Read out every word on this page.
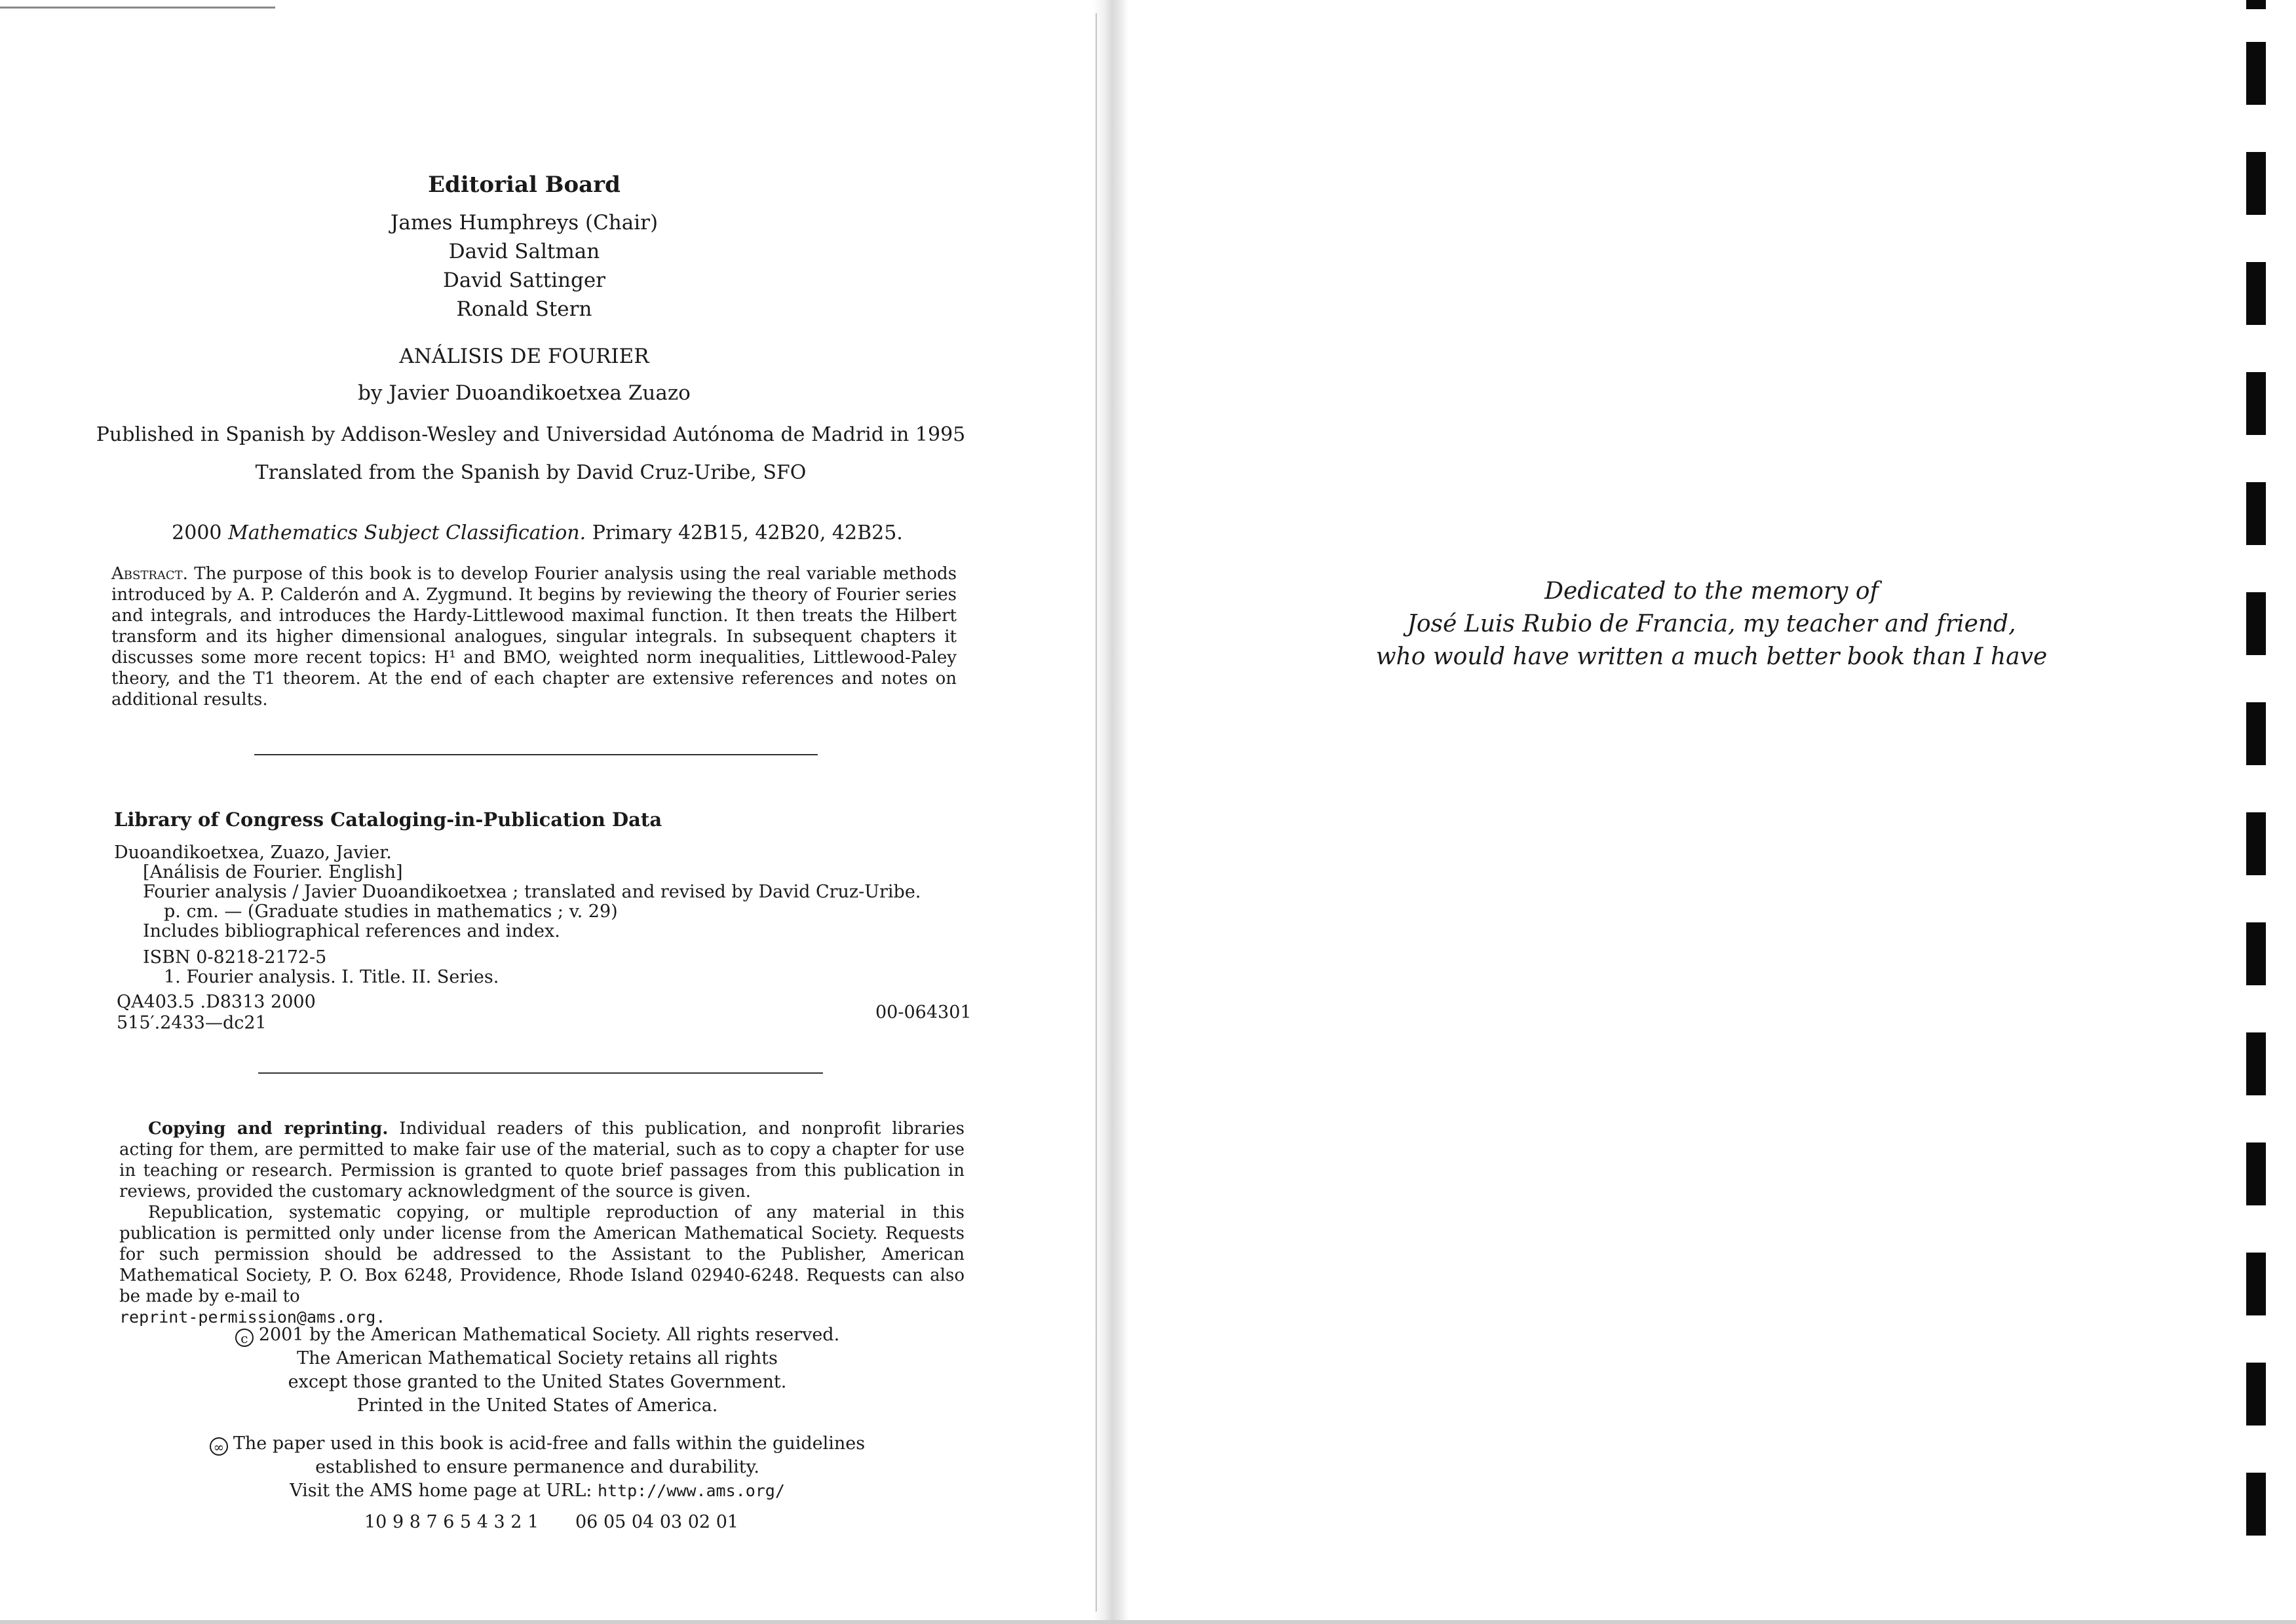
Editorial Board
James Humphreys (Chair)
David Saltman
David Sattinger
Ronald Stern
ANÁLISIS DE FOURIER
by Javier Duoandikoetxea Zuazo
Published in Spanish by Addison-Wesley and Universidad Autónoma de Madrid in 1995
Translated from the Spanish by David Cruz-Uribe, SFO
2000 Mathematics Subject Classification. Primary 42B15, 42B20, 42B25.
Abstract. The purpose of this book is to develop Fourier analysis using the real variable methods introduced by A. P. Calderón and A. Zygmund. It begins by reviewing the theory of Fourier series and integrals, and introduces the Hardy-Littlewood maximal function. It then treats the Hilbert transform and its higher dimensional analogues, singular integrals. In subsequent chapters it discusses some more recent topics: H¹ and BMO, weighted norm inequalities, Littlewood-Paley theory, and the T1 theorem. At the end of each chapter are extensive references and notes on additional results.
Library of Congress Cataloging-in-Publication Data
Duoandikoetxea, Zuazo, Javier.
[Análisis de Fourier. English]
Fourier analysis / Javier Duoandikoetxea ; translated and revised by David Cruz-Uribe.
p. cm. — (Graduate studies in mathematics ; v. 29)
Includes bibliographical references and index.
ISBN 0-8218-2172-5
1. Fourier analysis. I. Title. II. Series.
QA403.5 .D8313 2000
515′.2433—dc21
00-064301

Copying and reprinting. Individual readers of this publication, and nonprofit libraries acting for them, are permitted to make fair use of the material, such as to copy a chapter for use in teaching or research. Permission is granted to quote brief passages from this publication in reviews, provided the customary acknowledgment of the source is given.

Republication, systematic copying, or multiple reproduction of any material in this publication is permitted only under license from the American Mathematical Society. Requests for such permission should be addressed to the Assistant to the Publisher, American Mathematical Society, P. O. Box 6248, Providence, Rhode Island 02940-6248. Requests can also be made by e-mail to

reprint-permission@ams.org.
c 2001 by the American Mathematical Society. All rights reserved.
The American Mathematical Society retains all rights
except those granted to the United States Government.
Printed in the United States of America.
∞ The paper used in this book is acid-free and falls within the guidelines
established to ensure permanence and durability.
Visit the AMS home page at URL: http://www.ams.org/
10 9 8 7 6 5 4 3 2 1 06 05 04 03 02 01
Dedicated to the memory of
José Luis Rubio de Francia, my teacher and friend,
who would have written a much better book than I have
